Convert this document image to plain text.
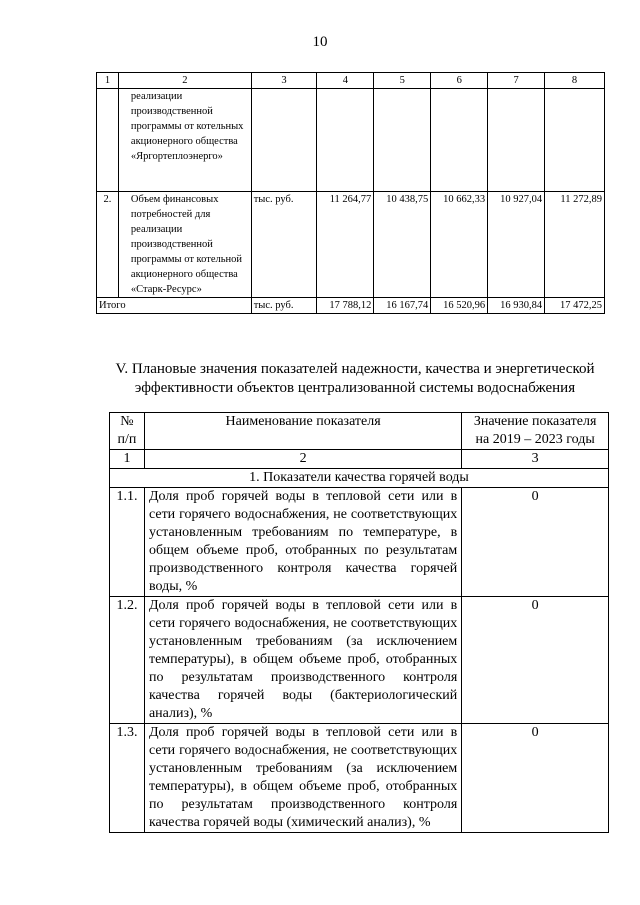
10
1	2	3	4	5	6	7	8
	реализации производственной программы от котельных акционерного общества «Яргортеплоэнерго»						
2.	Объем финансовых потребностей для реализации производственной программы от котельной акционерного общества «Старк-Ресурс»	тыс. руб.	11 264,77	10 438,75	10 662,33	10 927,04	11 272,89
Итого		тыс. руб.	17 788,12	16 167,74	16 520,96	16 930,84	17 472,25
V. Плановые значения показателей надежности, качества и энергетической эффективности объектов централизованной системы водоснабжения
№ п/п	Наименование показателя	Значение показателя на 2019 – 2023 годы
1	2	3
1. Показатели качества горячей воды		
1.1.	Доля проб горячей воды в тепловой сети или в сети горячего водоснабжения, не соответствующих установленным требованиям по температуре, в общем объеме проб, отобранных по результатам производственного контроля качества горячей воды, %	0
1.2.	Доля проб горячей воды в тепловой сети или в сети горячего водоснабжения, не соответствующих установленным требованиям (за исключением температуры), в общем объеме проб, отобранных по результатам производственного контроля качества горячей воды (бактериологический анализ), %	0
1.3.	Доля проб горячей воды в тепловой сети или в сети горячего водоснабжения, не соответствующих установленным требованиям (за исключением температуры), в общем объеме проб, отобранных по результатам производственного контроля качества горячей воды (химический анализ), %	0
